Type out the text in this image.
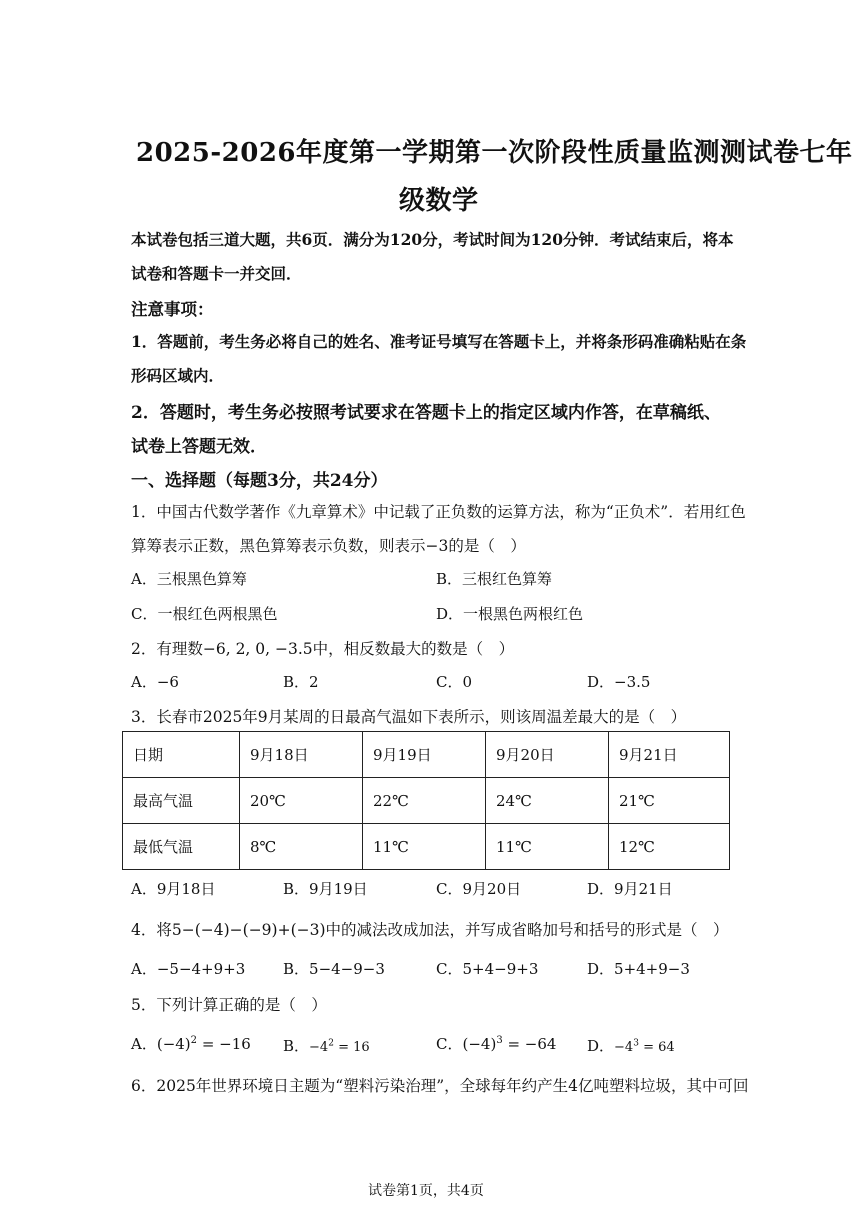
2025-2026年度第一学期第一次阶段性质量监测测试卷七年
级数学
本试卷包括三道大题，共6页．满分为120分，考试时间为120分钟．考试结束后，将本
试卷和答题卡一并交回．
注意事项：
1．答题前，考生务必将自己的姓名、准考证号填写在答题卡上，并将条形码准确粘贴在条
形码区域内．
2．答题时，考生务必按照考试要求在答题卡上的指定区域内作答，在草稿纸、
试卷上答题无效．
一、选择题（每题3分，共24分）
1．中国古代数学著作《九章算术》中记载了正负数的运算方法，称为“正负术”．若用红色
算筹表示正数，黑色算筹表示负数，则表示−3的是（　）
A．三根黑色算筹	B．三根红色算筹
C．一根红色两根黑色	D．一根黑色两根红色
2．有理数−6, 2, 0, −3.5中，相反数最大的数是（　）
A．−6	B．2	C．0	D．−3.5
3．长春市2025年9月某周的日最高气温如下表所示，则该周温差最大的是（　）
日期	9月18日	9月19日	9月20日	9月21日
最高气温	20℃	22℃	24℃	21℃
最低气温	8℃	11℃	11℃	12℃
A．9月18日	B．9月19日	C．9月20日	D．9月21日
4．将5−(−4)−(−9)+(−3)中的减法改成加法，并写成省略加号和括号的形式是（　）
A．−5−4+9+3	B．5−4−9−3	C．5+4−9+3	D．5+4+9−3
5．下列计算正确的是（　）
A．$(-4)^2 = -16$ B．$-4^2 = 16$	C．$(-4)^3 = -64$ D．$-4^3 = 64$
6．2025年世界环境日主题为“塑料污染治理”，全球每年约产生4亿吨塑料垃圾，其中可回
试卷第1页，共4页
